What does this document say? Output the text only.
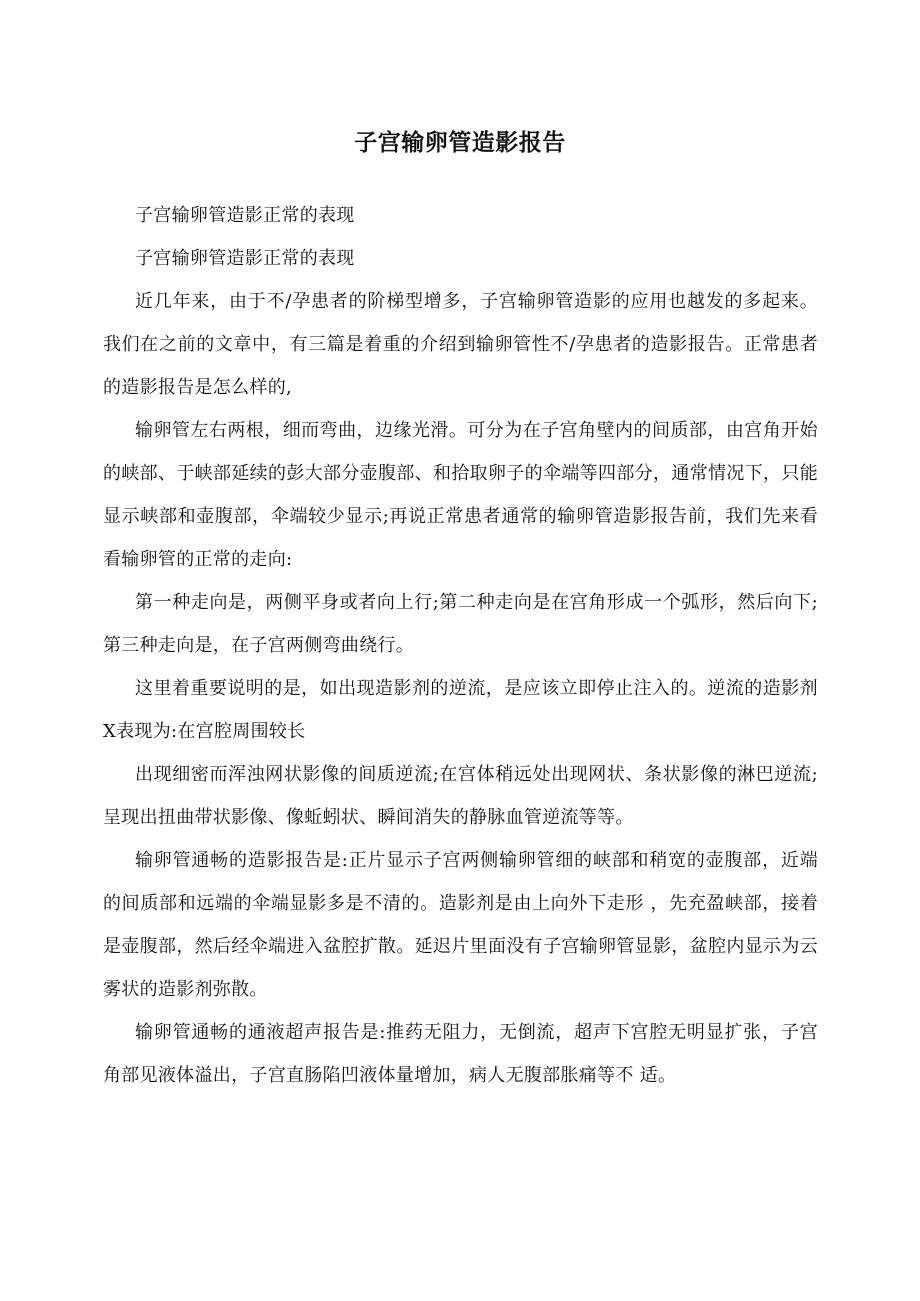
子宫输卵管造影报告

子宫输卵管造影正常的表现

子宫输卵管造影正常的表现

近几年来，由于不/孕患者的阶梯型增多，子宫输卵管造影的应用也越发的多起来。我们在之前的文章中，有三篇是着重的介绍到输卵管性不/孕患者的造影报告。正常患者的造影报告是怎么样的,

输卵管左右两根，细而弯曲，边缘光滑。可分为在子宫角壁内的间质部，由宫角开始的峡部、于峡部延续的彭大部分壶腹部、和拾取卵子的伞端等四部分，通常情况下，只能显示峡部和壶腹部，伞端较少显示;再说正常患者通常的输卵管造影报告前，我们先来看看输卵管的正常的走向:

第一种走向是，两侧平身或者向上行;第二种走向是在宫角形成一个弧形，然后向下;第三种走向是，在子宫两侧弯曲绕行。

这里着重要说明的是，如出现造影剂的逆流，是应该立即停止注入的。逆流的造影剂X表现为:在宫腔周围较长

出现细密而浑浊网状影像的间质逆流;在宫体稍远处出现网状、条状影像的淋巴逆流;呈现出扭曲带状影像、像蚯蚓状、瞬间消失的静脉血管逆流等等。

输卵管通畅的造影报告是:正片显示子宫两侧输卵管细的峡部和稍宽的壶腹部，近端的间质部和远端的伞端显影多是不清的。造影剂是由上向外下走形 ，先充盈峡部，接着是壶腹部，然后经伞端进入盆腔扩散。延迟片里面没有子宫输卵管显影，盆腔内显示为云雾状的造影剂弥散。

输卵管通畅的通液超声报告是:推药无阻力，无倒流，超声下宫腔无明显扩张，子宫角部见液体溢出，子宫直肠陷凹液体量增加，病人无腹部胀痛等不 适。
